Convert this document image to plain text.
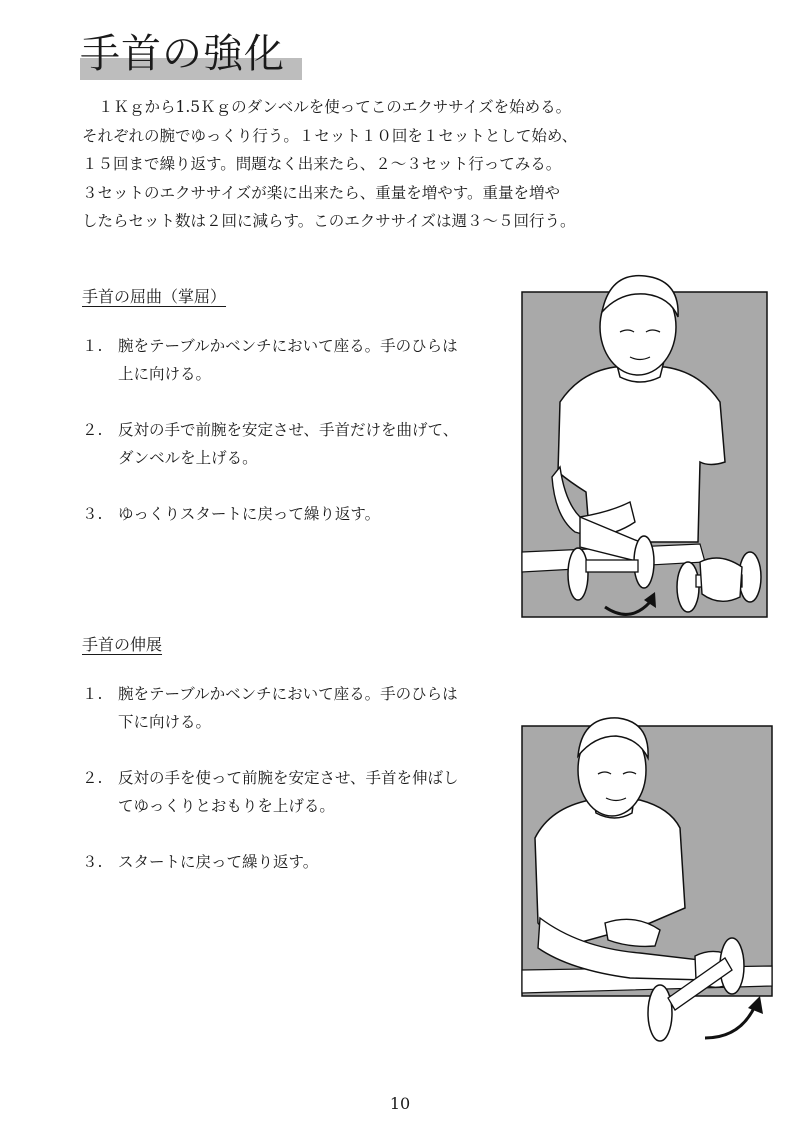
手首の強化

１Ｋｇから1.5Ｋｇのダンベルを使ってこのエクササイズを始める。
それぞれの腕でゆっくり行う。１セット１０回を１セットとして始め、
１５回まで繰り返す。問題なく出来たら、２～３セット行ってみる。
３セットのエクササイズが楽に出来たら、重量を増やす。重量を増や
したらセット数は２回に減らす。このエクササイズは週３～５回行う。

手首の屈曲（掌屈）
１. 腕をテーブルかベンチにおいて座る。手のひらは
上に向ける。
２. 反対の手で前腕を安定させ、手首だけを曲げて、
ダンベルを上げる。
３. ゆっくりスタートに戻って繰り返す。
手首の伸展
１. 腕をテーブルかベンチにおいて座る。手のひらは
下に向ける。
２. 反対の手を使って前腕を安定させ、手首を伸ばし
てゆっくりとおもりを上げる。
３. スタートに戻って繰り返す。
10
